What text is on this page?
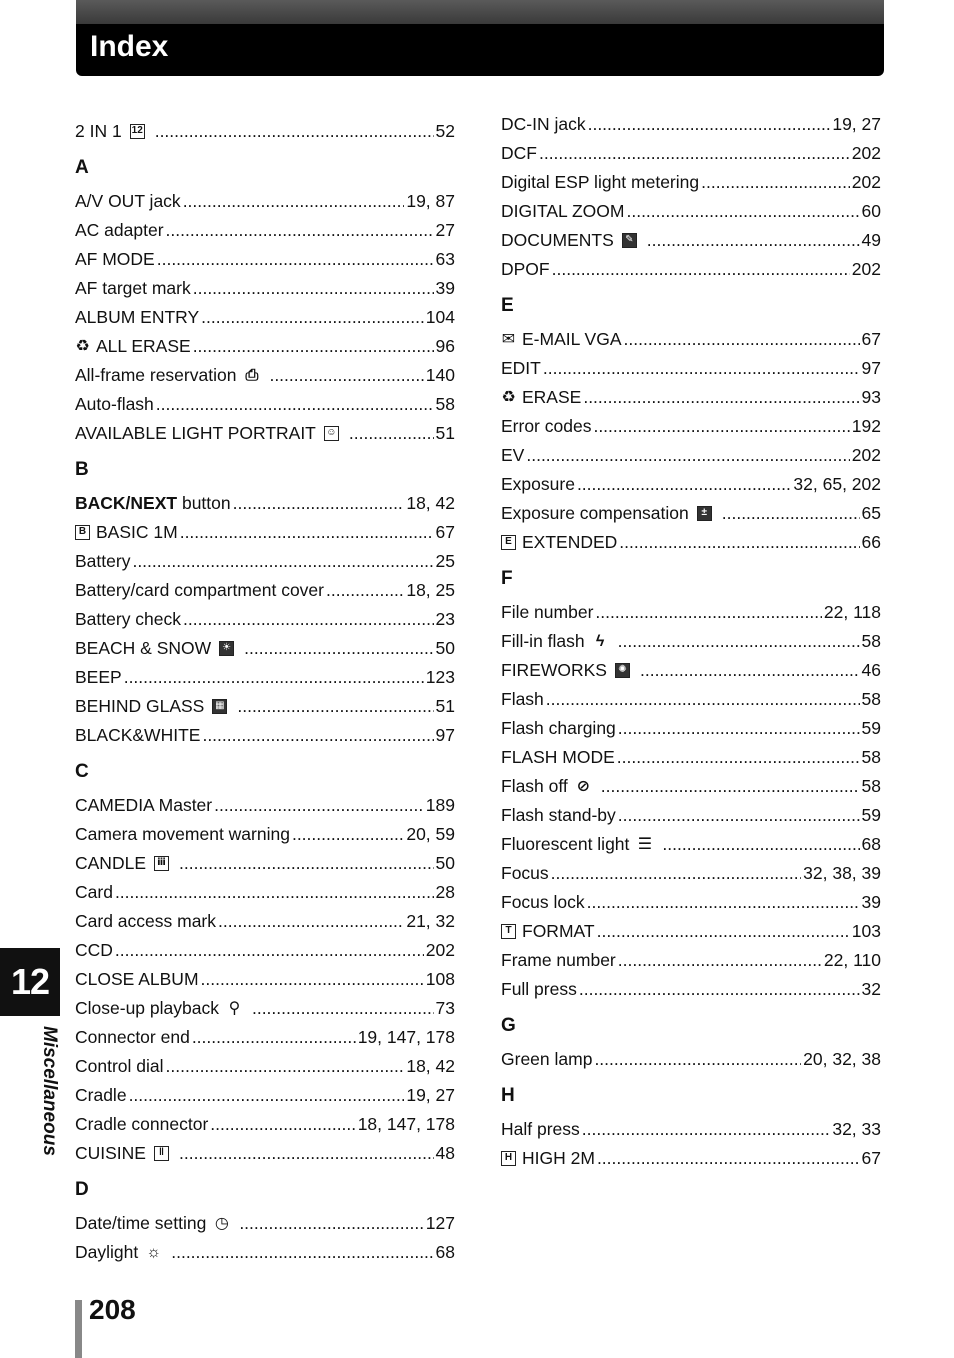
Index
2 IN 1 12 .....	52
A
A/V OUT jack .....	19, 87
AC adapter .....	27
AF MODE .....	63
AF target mark .....	39
ALBUM ENTRY .....	104
♻ ALL ERASE .....	96
All-frame reservation ⎙ .....	140
Auto-flash .....	58
AVAILABLE LIGHT PORTRAIT ☺ .....	51
B
BACK/NEXT button .....	18, 42
B BASIC 1M .....	67
Battery .....	25
Battery/card compartment cover .....	18, 25
Battery check .....	23
BEACH & SNOW	☀ .....	50
BEEP .....	123
BEHIND GLASS ▦ .....	51
BLACK&WHITE .....	97
C
CAMEDIA Master .....	189
Camera movement warning .....	20, 59
CANDLE	ⅲ .....	50
Card .....	28
Card access mark .....	21, 32
CCD .....	202
CLOSE ALBUM .....	108
Close-up playback ⚲ .....	73
Connector end .....	19, 147, 178
Control dial .....	18, 42
Cradle .....	19, 27
Cradle connector .....	18, 147, 178
CUISINE	ǁ .....	48
D
Date/time setting ◷ .....	127
Daylight ☼ .....	68
DC-IN jack .....	19, 27
DCF .....	202
Digital ESP light metering .....	202
DIGITAL ZOOM .....	60
DOCUMENTS	✎ .....	49
DPOF .....	202
E
✉ E-MAIL VGA .....	67
EDIT .....	97
♻ ERASE .....	93
Error codes .....	192
EV .....	202
Exposure .....	32, 65, 202
Exposure compensation	± .....	65
E EXTENDED .....	66
F
File number .....	22, 118
Fill-in flash ϟ .....	58
FIREWORKS	✺ .....	46
Flash .....	58
Flash charging .....	59
FLASH MODE .....	58
Flash off ⊘ .....	58
Flash stand-by .....	59
Fluorescent light ☰ .....	68
Focus .....	32, 38, 39
Focus lock .....	39
T FORMAT .....	103
Frame number .....	22, 110
Full press .....	32
G
Green lamp .....	20, 32, 38
H
Half press .....	32, 33
H HIGH 2M .....	67
12
Miscellaneous
208
